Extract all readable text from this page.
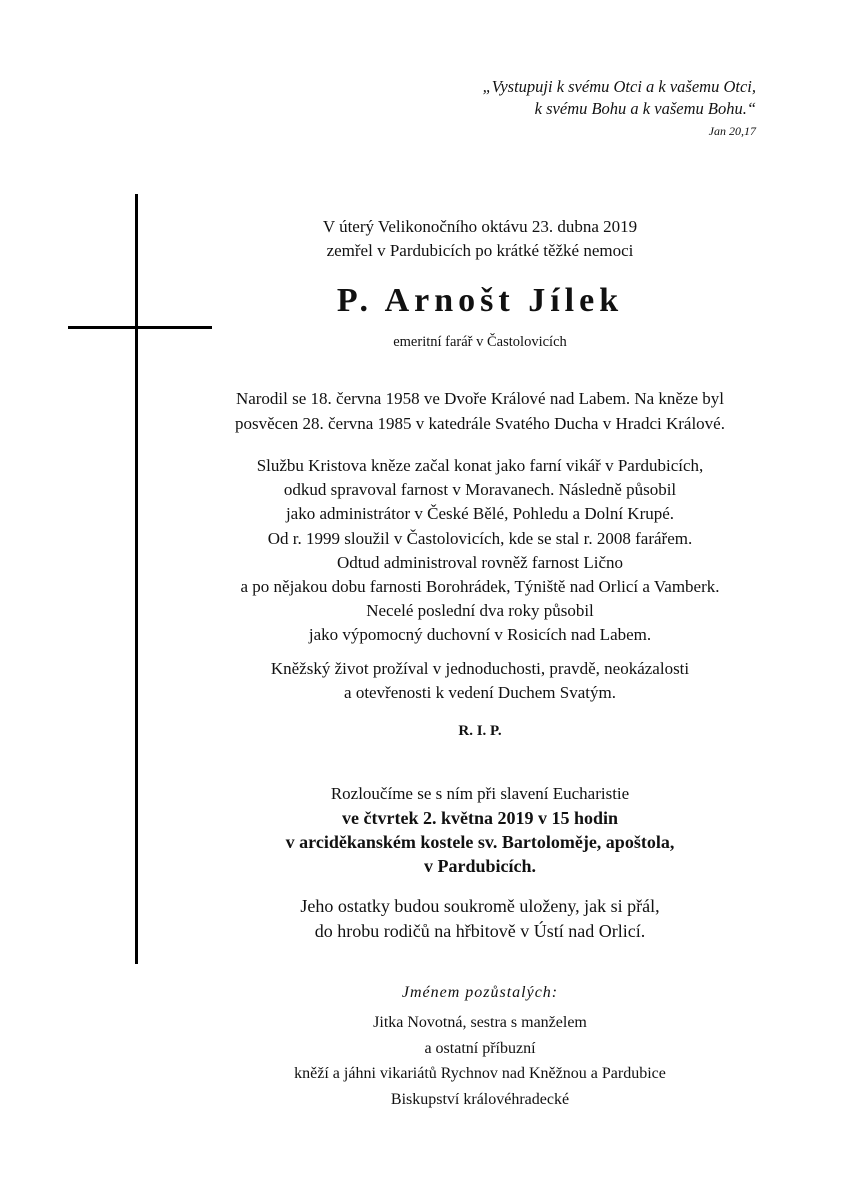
„Vystupuji k svému Otci a k vašemu Otci,
k svému Bohu a k vašemu Bohu.“
Jan 20,17
V úterý Velikonočního oktávu 23. dubna 2019
zemřel v Pardubicích po krátké těžké nemoci
P. Arnošt Jílek
emeritní farář v Častolovicích
Narodil se 18. června 1958 ve Dvoře Králové nad Labem. Na kněze byl
posvěcen 28. června 1985 v katedrále Svatého Ducha v Hradci Králové.
Službu Kristova kněze začal konat jako farní vikář v Pardubicích,
odkud spravoval farnost v Moravanech. Následně působil
jako administrátor v České Bělé, Pohledu a Dolní Krupé.
Od r. 1999 sloužil v Častolovicích, kde se stal r. 2008 farářem.
Odtud administroval rovněž farnost Lično
a po nějakou dobu farnosti Borohrádek, Týniště nad Orlicí a Vamberk.
Necelé poslední dva roky působil
jako výpomocný duchovní v Rosicích nad Labem.
Kněžský život prožíval v jednoduchosti, pravdě, neokázalosti
a otevřenosti k vedení Duchem Svatým.
R. I. P.
Rozloučíme se s ním při slavení Eucharistie
ve čtvrtek 2. května 2019 v 15 hodin
v arciděkanském kostele sv. Bartoloměje, apoštola,
v Pardubicích.
Jeho ostatky budou soukromě uloženy, jak si přál,
do hrobu rodičů na hřbitově v Ústí nad Orlicí.
Jménem pozůstalých:
Jitka Novotná, sestra s manželem
a ostatní příbuzní
kněží a jáhni vikariátů Rychnov nad Kněžnou a Pardubice
Biskupství královéhradecké
